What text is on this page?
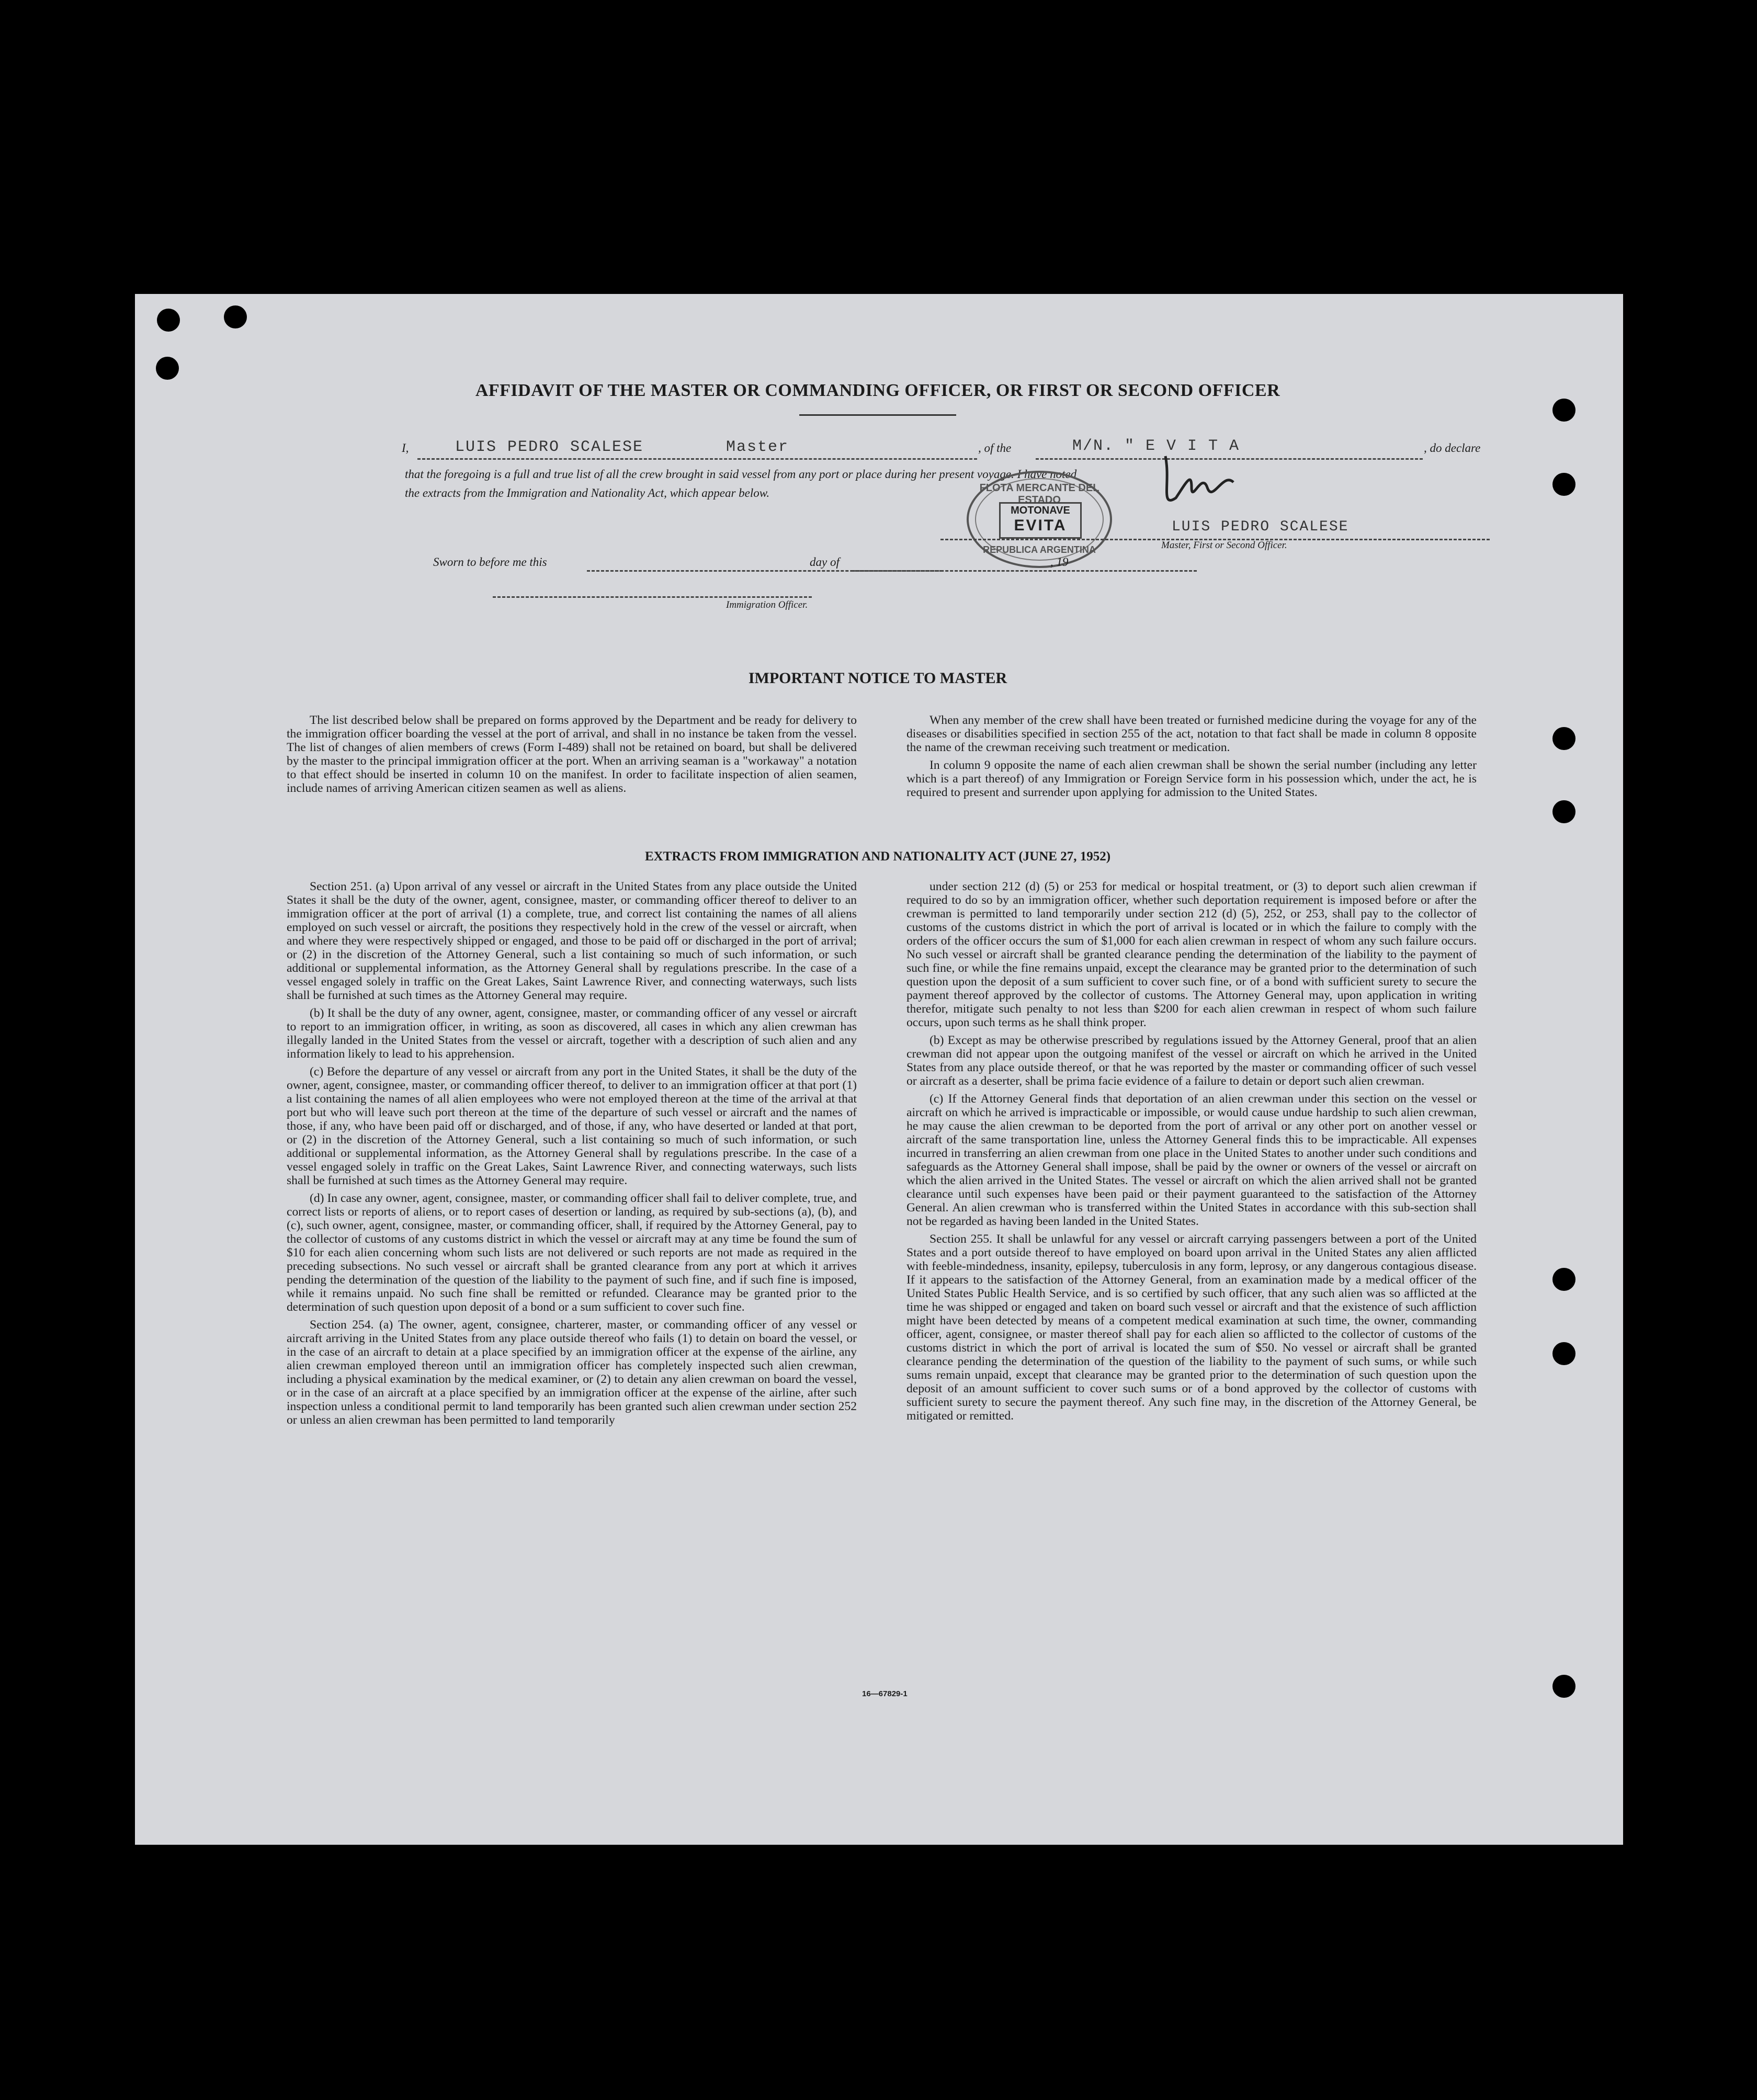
AFFIDAVIT OF THE MASTER OR COMMANDING OFFICER, OR FIRST OR SECOND OFFICER
I,	LUIS PEDRO SCALESE	Master	, of the	M/N. " E V I T A	, do declare
that the foregoing is a full and true list of all the crew brought in said vessel from any port or place during her present voyage. I have noted
the extracts from the Immigration and Nationality Act, which appear below.	FLOTA MERCANTE DEL ESTADO
MOTONAVE
EVITA
REPUBLICA ARGENTINA
LUIS PEDRO SCALESE
Master, First or Second Officer.
Sworn to before me this	day of	, 19
Immigration Officer.
IMPORTANT NOTICE TO MASTER

The list described below shall be prepared on forms approved by the Department and be ready for delivery to the immigration officer boarding the vessel at the port of arrival, and shall in no instance be taken from the vessel. The list of changes of alien members of crews (Form I-489) shall not be retained on board, but shall be delivered by the master to the principal immigration officer at the port. When an arriving seaman is a "workaway" a notation to that effect should be inserted in column 10 on the manifest. In order to facilitate inspection of alien seamen, include names of arriving American citizen seamen as well as aliens.

When any member of the crew shall have been treated or furnished medicine during the voyage for any of the diseases or disabilities specified in section 255 of the act, notation to that fact shall be made in column 8 opposite the name of the crewman receiving such treatment or medication.

In column 9 opposite the name of each alien crewman shall be shown the serial number (including any letter which is a part thereof) of any Immigration or Foreign Service form in his possession which, under the act, he is required to present and surrender upon applying for admission to the United States.

EXTRACTS FROM IMMIGRATION AND NATIONALITY ACT (JUNE 27, 1952)

Section 251. (a) Upon arrival of any vessel or aircraft in the United States from any place outside the United States it shall be the duty of the owner, agent, consignee, master, or commanding officer thereof to deliver to an immigration officer at the port of arrival (1) a complete, true, and correct list containing the names of all aliens employed on such vessel or aircraft, the positions they respectively hold in the crew of the vessel or aircraft, when and where they were respectively shipped or engaged, and those to be paid off or discharged in the port of arrival; or (2) in the discretion of the Attorney General, such a list containing so much of such information, or such additional or supplemental information, as the Attorney General shall by regulations prescribe. In the case of a vessel engaged solely in traffic on the Great Lakes, Saint Lawrence River, and connecting waterways, such lists shall be furnished at such times as the Attorney General may require.

(b) It shall be the duty of any owner, agent, consignee, master, or commanding officer of any vessel or aircraft to report to an immigration officer, in writing, as soon as discovered, all cases in which any alien crewman has illegally landed in the United States from the vessel or aircraft, together with a description of such alien and any information likely to lead to his apprehension.

(c) Before the departure of any vessel or aircraft from any port in the United States, it shall be the duty of the owner, agent, consignee, master, or commanding officer thereof, to deliver to an immigration officer at that port (1) a list containing the names of all alien employees who were not employed thereon at the time of the arrival at that port but who will leave such port thereon at the time of the departure of such vessel or aircraft and the names of those, if any, who have been paid off or discharged, and of those, if any, who have deserted or landed at that port, or (2) in the discretion of the Attorney General, such a list containing so much of such information, or such additional or supplemental information, as the Attorney General shall by regulations prescribe. In the case of a vessel engaged solely in traffic on the Great Lakes, Saint Lawrence River, and connecting waterways, such lists shall be furnished at such times as the Attorney General may require.

(d) In case any owner, agent, consignee, master, or commanding officer shall fail to deliver complete, true, and correct lists or reports of aliens, or to report cases of desertion or landing, as required by sub-sections (a), (b), and (c), such owner, agent, consignee, master, or commanding officer, shall, if required by the Attorney General, pay to the collector of customs of any customs district in which the vessel or aircraft may at any time be found the sum of $10 for each alien concerning whom such lists are not delivered or such reports are not made as required in the preceding subsections. No such vessel or aircraft shall be granted clearance from any port at which it arrives pending the determination of the question of the liability to the payment of such fine, and if such fine is imposed, while it remains unpaid. No such fine shall be remitted or refunded. Clearance may be granted prior to the determination of such question upon deposit of a bond or a sum sufficient to cover such fine.

Section 254. (a) The owner, agent, consignee, charterer, master, or commanding officer of any vessel or aircraft arriving in the United States from any place outside thereof who fails (1) to detain on board the vessel, or in the case of an aircraft to detain at a place specified by an immigration officer at the expense of the airline, any alien crewman employed thereon until an immigration officer has completely inspected such alien crewman, including a physical examination by the medical examiner, or (2) to detain any alien crewman on board the vessel, or in the case of an aircraft at a place specified by an immigration officer at the expense of the airline, after such inspection unless a conditional permit to land temporarily has been granted such alien crewman under section 252 or unless an alien crewman has been permitted to land temporarily

under section 212 (d) (5) or 253 for medical or hospital treatment, or (3) to deport such alien crewman if required to do so by an immigration officer, whether such deportation requirement is imposed before or after the crewman is permitted to land temporarily under section 212 (d) (5), 252, or 253, shall pay to the collector of customs of the customs district in which the port of arrival is located or in which the failure to comply with the orders of the officer occurs the sum of $1,000 for each alien crewman in respect of whom any such failure occurs. No such vessel or aircraft shall be granted clearance pending the determination of the liability to the payment of such fine, or while the fine remains unpaid, except the clearance may be granted prior to the determination of such question upon the deposit of a sum sufficient to cover such fine, or of a bond with sufficient surety to secure the payment thereof approved by the collector of customs. The Attorney General may, upon application in writing therefor, mitigate such penalty to not less than $200 for each alien crewman in respect of whom such failure occurs, upon such terms as he shall think proper.

(b) Except as may be otherwise prescribed by regulations issued by the Attorney General, proof that an alien crewman did not appear upon the outgoing manifest of the vessel or aircraft on which he arrived in the United States from any place outside thereof, or that he was reported by the master or commanding officer of such vessel or aircraft as a deserter, shall be prima facie evidence of a failure to detain or deport such alien crewman.

(c) If the Attorney General finds that deportation of an alien crewman under this section on the vessel or aircraft on which he arrived is impracticable or impossible, or would cause undue hardship to such alien crewman, he may cause the alien crewman to be deported from the port of arrival or any other port on another vessel or aircraft of the same transportation line, unless the Attorney General finds this to be impracticable. All expenses incurred in transferring an alien crewman from one place in the United States to another under such conditions and safeguards as the Attorney General shall impose, shall be paid by the owner or owners of the vessel or aircraft on which the alien arrived in the United States. The vessel or aircraft on which the alien arrived shall not be granted clearance until such expenses have been paid or their payment guaranteed to the satisfaction of the Attorney General. An alien crewman who is transferred within the United States in accordance with this sub-section shall not be regarded as having been landed in the United States.

Section 255. It shall be unlawful for any vessel or aircraft carrying passengers between a port of the United States and a port outside thereof to have employed on board upon arrival in the United States any alien afflicted with feeble-mindedness, insanity, epilepsy, tuberculosis in any form, leprosy, or any dangerous contagious disease. If it appears to the satisfaction of the Attorney General, from an examination made by a medical officer of the United States Public Health Service, and is so certified by such officer, that any such alien was so afflicted at the time he was shipped or engaged and taken on board such vessel or aircraft and that the existence of such affliction might have been detected by means of a competent medical examination at such time, the owner, commanding officer, agent, consignee, or master thereof shall pay for each alien so afflicted to the collector of customs of the customs district in which the port of arrival is located the sum of $50. No vessel or aircraft shall be granted clearance pending the determination of the question of the liability to the payment of such sums, or while such sums remain unpaid, except that clearance may be granted prior to the determination of such question upon the deposit of an amount sufficient to cover such sums or of a bond approved by the collector of customs with sufficient surety to secure the payment thereof. Any such fine may, in the discretion of the Attorney General, be mitigated or remitted.

16—67829-1
